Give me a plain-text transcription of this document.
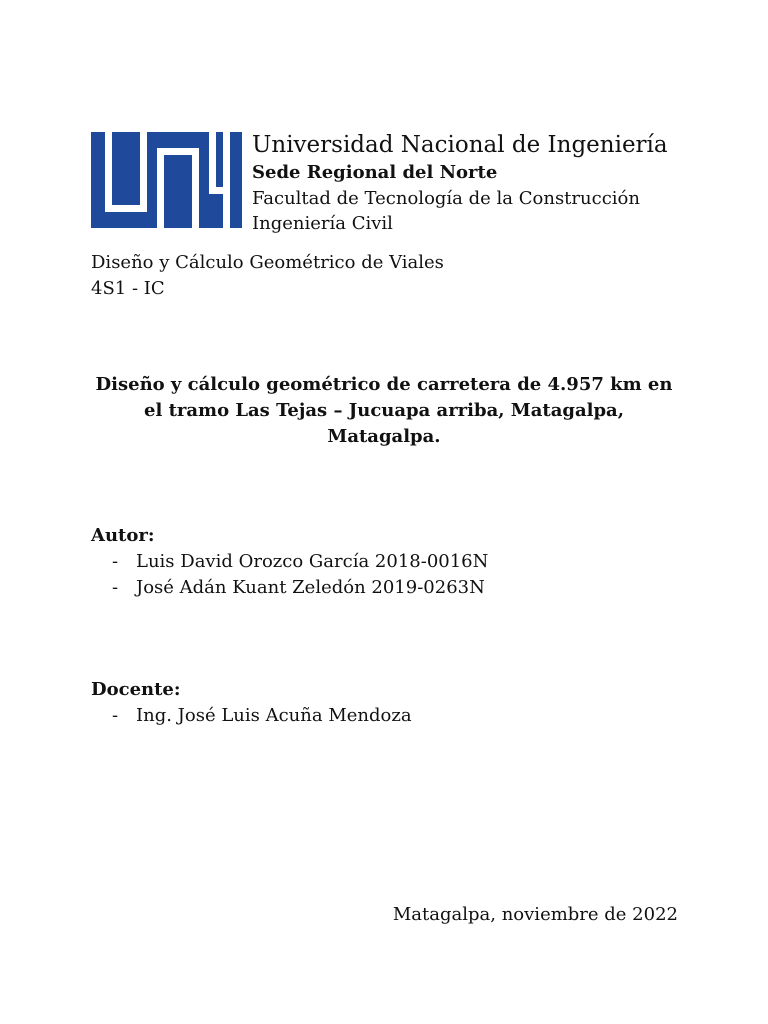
Universidad Nacional de Ingeniería

Sede Regional del Norte

Facultad de Tecnología de la Construcción

Ingeniería Civil

Diseño y Cálculo Geométrico de Viales
4S1 - IC
Diseño y cálculo geométrico de carretera de 4.957 km en
el tramo Las Tejas – Jucuapa arriba, Matagalpa,
Matagalpa.
Autor:
- Luis David Orozco García 2018-0016N
- José Adán Kuant Zeledón 2019-0263N
Docente:
- Ing. José Luis Acuña Mendoza
Matagalpa, noviembre de 2022
